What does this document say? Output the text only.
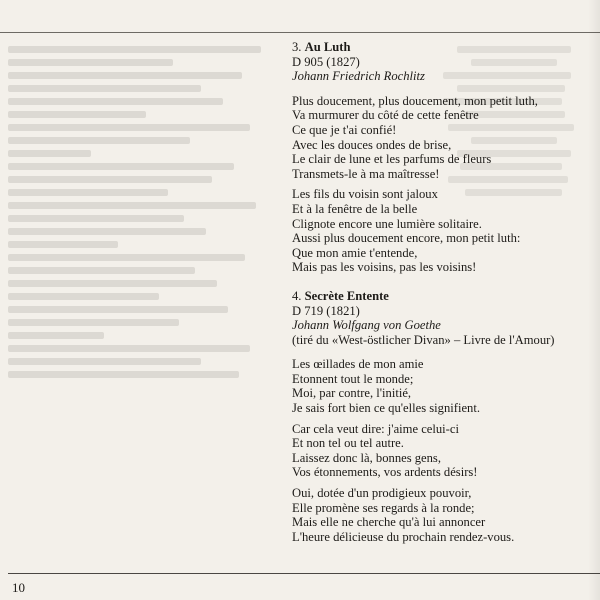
3. Au Luth
D 905 (1827)
Johann Friedrich Rochlitz
Plus doucement, plus doucement, mon petit luth,
Va murmurer du côté de cette fenêtre
Ce que je t'ai confié!
Avec les douces ondes de brise,
Le clair de lune et les parfums de fleurs
Transmets-le à ma maîtresse!
Les fils du voisin sont jaloux
Et à la fenêtre de la belle
Clignote encore une lumière solitaire.
Aussi plus doucement encore, mon petit luth:
Que mon amie t'entende,
Mais pas les voisins, pas les voisins!
4. Secrète Entente
D 719 (1821)
Johann Wolfgang von Goethe
(tiré du «West-östlicher Divan» – Livre de l'Amour)
Les œillades de mon amie
Etonnent tout le monde;
Moi, par contre, l'initié,
Je sais fort bien ce qu'elles signifient.
Car cela veut dire: j'aime celui-ci
Et non tel ou tel autre.
Laissez donc là, bonnes gens,
Vos étonnements, vos ardents désirs!
Oui, dotée d'un prodigieux pouvoir,
Elle promène ses regards à la ronde;
Mais elle ne cherche qu'à lui annoncer
L'heure délicieuse du prochain rendez-vous.
10
